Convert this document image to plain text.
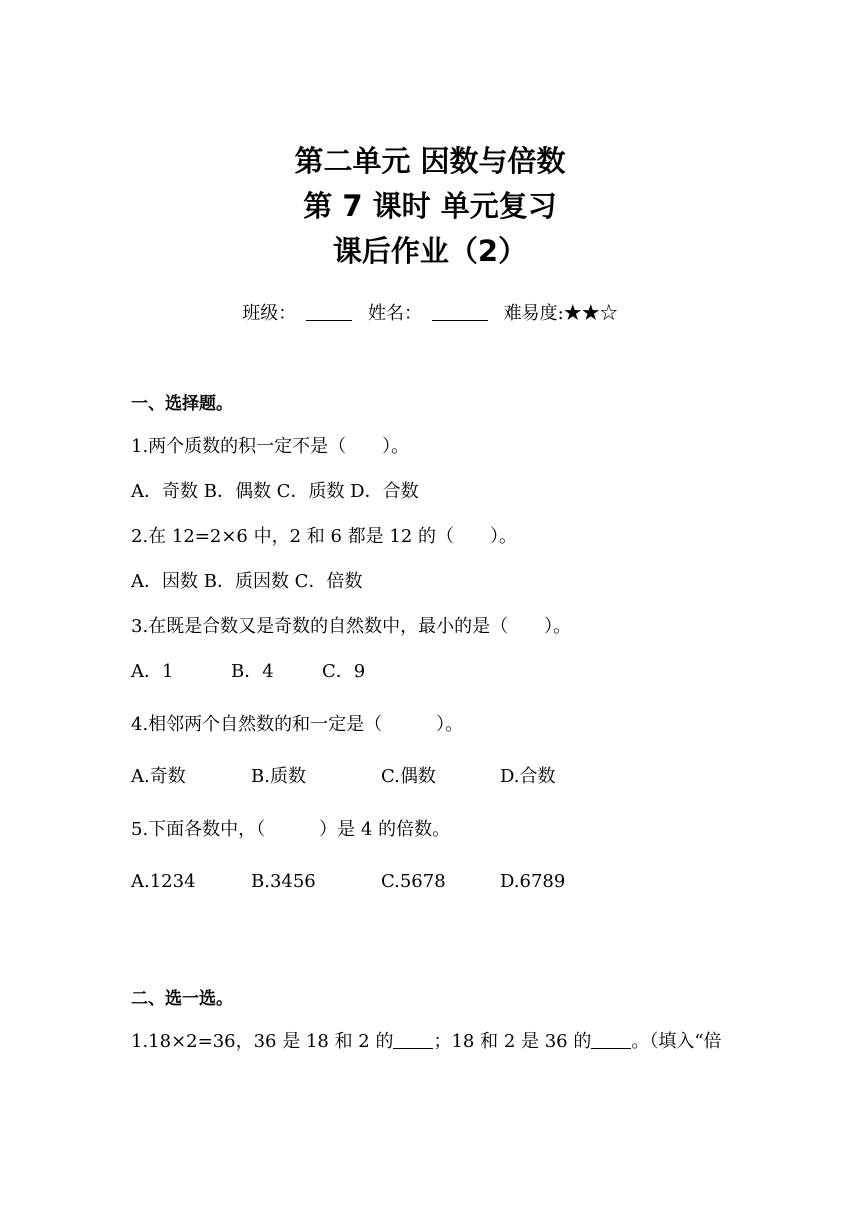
第二单元 因数与倍数
第 7 课时 单元复习
课后作业（2）
班级：	姓名：	难易度:★★☆
一、选择题。
1.两个质数的积一定不是（　　）。
A．奇数 B．偶数 C．质数 D．合数
2.在 12=2×6 中，2 和 6 都是 12 的（　　）。
A．因数 B．质因数 C．倍数
3.在既是合数又是奇数的自然数中，最小的是（　　）。
A．1	B．4	C．9
4.相邻两个自然数的和一定是（　　　）。
A.奇数	B.质数	C.偶数	D.合数
5.下面各数中，（　　　）是 4 的倍数。
A.1234	B.3456	C.5678	D.6789
二、选一选。
1.18×2=36，36 是 18 和 2 的 ；18 和 2 是 36 的 。（填入“倍
